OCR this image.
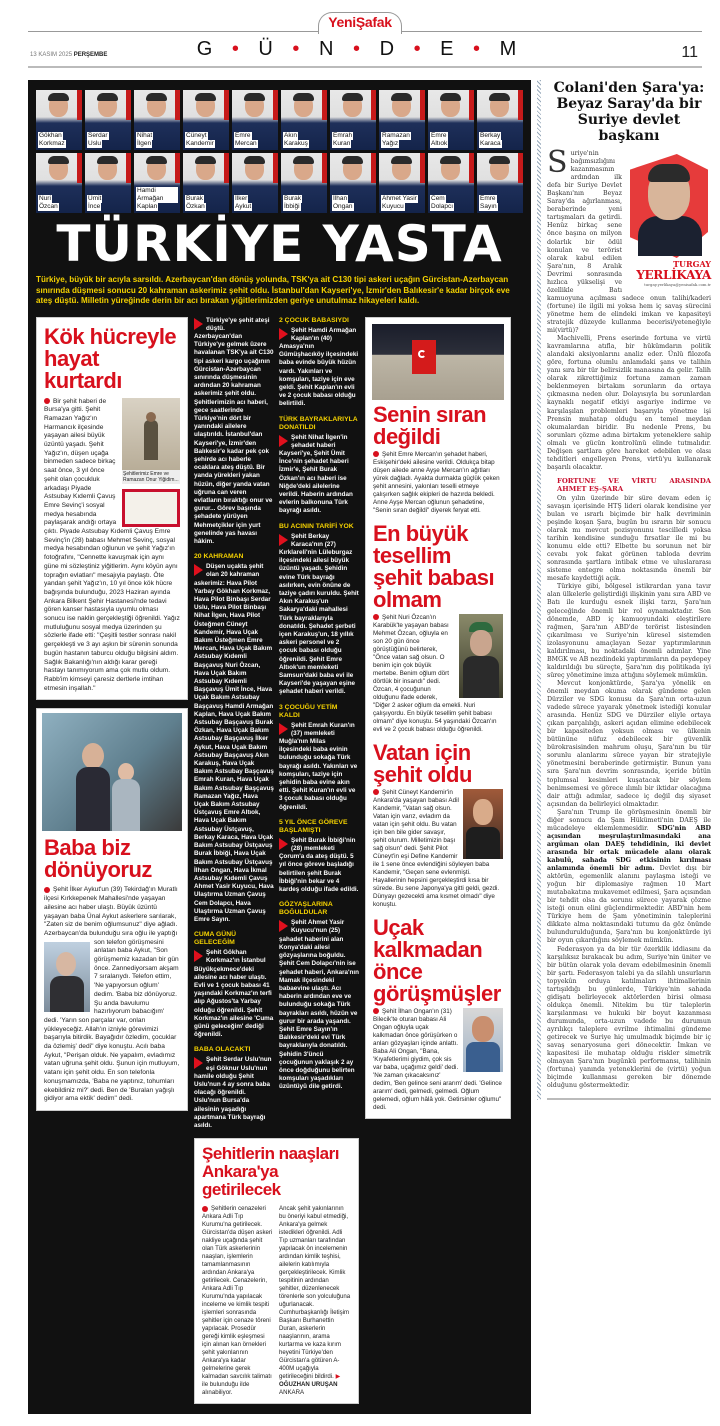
YeniŞafak
G • Ü • N • D • E • M
13 KASIM 2025 PERŞEMBE	11
Gökhan
Korkmaz
Serdar
Uslu
Nihat
İlgen
Cüneyt
Kandemir
Emre
Mercan
Akın
Karakuş
Emrah
Kuran
Ramazan
Yağız
Emre
Altıok
Berkay
Karaca
Nuri
Özcan
Ümit
İnce
Hamdi Armağan
Kaplan
Burak
Özkan
İlker
Aykut
Burak
İbbiği
İlhan
Ongan
Ahmet Yasir
Kuyucu
Cem
Dolapcı
Emre
Sayın
TÜRKİYE YASTA
Türkiye, büyük bir acıyla sarsıldı. Azerbaycan'dan dönüş yolunda, TSK'ya ait C130 tipi askeri uçağın Gürcistan-Azerbaycan sınırında düşmesi sonucu 20 kahraman askerimiz şehit oldu. İstanbul'dan Kayseri'ye, İzmir'den Balıkesir'e kadar birçok eve ateş düştü. Milletin yüreğinde derin bir acı bırakan yiğitlerimizden geriye unutulmaz hikayeleri kaldı.
Kök hücreyle hayat kurtardı
Şehitlerimiz Emre ve Ramazan Onur Yiğidim...
Bir şehit haberi de Bursa'ya gitti. Şehit Ramazan Yağız'ın Harmancık ilçesinde yaşayan ailesi büyük üzüntü yaşadı. Şehit Yağız'ın, düşen uçağa binmeden sadece birkaç saat önce, 3 yıl önce şehit olan çocukluk arkadaşı Piyade Astsubay Kıdemli Çavuş Emre Sevinç'i sosyal medya hesabında paylaşarak andığı ortaya çıktı. Piyade Astsubay Kıdemli Çavuş Emre Sevinç'in (28) babası Mehmet Sevinç, sosyal medya hesabından oğlunun ve şehit Yağız'ın fotoğrafını, "Cennette kavuşmak için aynı güne mi sözleştiniz yiğitlerim. Aynı köyün aynı toprağın evlatları" mesajıyla paylaştı. Öte yandan şehit Yağız'ın, 10 yıl önce kök hücre bağışında bulunduğu, 2023 Haziran ayında Ankara Bilkent Şehir Hastanesi'nde tedavi gören kanser hastasıyla uyumlu olması sonucu ise naklin gerçekleştiği öğrenildi. Yağız mutluluğunu sosyal medya üzerinden şu sözlerle ifade etti: "Çeşitli testler sonrası nakil gerçekleşti ve 3 ayı aşkın bir sürenin sonunda bugün hastanın taburcu olduğu bilgisini aldım. Sağlık Bakanlığı'nın aldığı karar gereği hastayı tanımıyorum ama çok mutlu oldum. Rabb'im kimseyi çaresiz dertlerle imtihan etmesin inşallah."
Baba biz dönüyoruz
Şehit İlker Aykut'un (39) Tekirdağ'ın Muratlı ilçesi Kırkkepenek Mahallesi'nde yaşayan ailesine acı haber ulaştı. Büyük üzüntü yaşayan baba Ünal Aykut askerlere sarılarak, "Zaten siz de benim oğlumsunuz" diye ağladı. Azerbaycan'da bulunduğu sıra oğlu ile yaptığı son telefon görüşmesini anlatan baba Aykut, "Son görüşmemiz kazadan bir gün önce. Zannediyorsam akşam 7 sıralarıydı. Telefon ettim, 'Ne yapıyorsun oğlum' dedim. 'Baba biz dönüyoruz. Şu anda bavulumu hazırlıyorum babacığım' dedi. 'Yarın son parçalar var, onları yükleyeceğiz. Allah'ın izniyle görevimizi başarıyla bitirdik. Bayağıdır özledim, çocuklar da özlemiş' dedi" diye konuştu. Acılı baba Aykut, "Perişan olduk. Ne yapalım, evladımız vatan uğruna şehit oldu. Şunun için mutluyum, vatanı için şehit oldu. En son telefonla konuşmamızda, 'Baba ne yaptınız, tohumları ekebildiniz mi?' dedi. Ben de 'Buraları yağışlı gidiyor ama ektik' dedim" dedi.
Türkiye'ye şehit ateşi düştü. Azerbaycan'dan Türkiye'ye gelmek üzere havalanan TSK'ya ait C130 tipi askeri kargo uçağının Gürcistan-Azerbaycan sınırında düşmesinin ardından 20 kahraman askerimiz şehit oldu. Şehitlerimizin acı haberi, gece saatlerinde Türkiye'nin dört bir yanındaki ailelere ulaştırıldı. İstanbul'dan Kayseri'ye, İzmir'den Balıkesir'e kadar pek çok şehirde acı haberle ocaklara ateş düştü. Bir yanda yürekleri yakan hüzün, diğer yanda vatan uğruna can veren evlatların bıraktığı onur ve gurur... Görev başında şehadete yürüyen Mehmetçikler için yurt genelinde yas havası hâkim.
20 KAHRAMAN
Düşen uçakta şehit olan 20 kahraman askerimiz: Hava Pilot Yarbay Gökhan Korkmaz, Hava Pilot Binbaşı Serdar Uslu, Hava Pilot Binbaşı Nihat İlgen, Hava Pilot Üsteğmen Cüneyt Kandemir, Hava Uçak Bakım Üsteğmen Emre Mercan, Hava Uçak Bakım Astsubay Kıdemli Başçavuş Nuri Özcan, Hava Uçak Bakım Astsubay Kıdemli Başçavuş Ümit İnce, Hava Uçak Bakım Astsubay Başçavuş Hamdi Armağan Kaplan, Hava Uçak Bakım Astsubay Başçavuş Burak Özkan, Hava Uçak Bakım Astsubay Başçavuş İlker Aykut, Hava Uçak Bakım Astsubay Başçavuş Akın Karakuş, Hava Uçak Bakım Astsubay Başçavuş Emrah Kuran, Hava Uçak Bakım Astsubay Başçavuş Ramazan Yağız, Hava Uçak Bakım Astsubay Üstçavuş Emre Altıok, Hava Uçak Bakım Astsubay Üstçavuş, Berkay Karaca, Hava Uçak Bakım Astsubay Üstçavuş Burak İbbiği, Hava Uçak Bakım Astsubay Üstçavuş İlhan Ongan, Hava İkmal Astsubay Kıdemli Çavuş Ahmet Yasir Kuyucu, Hava Ulaştırma Uzman Çavuş Cem Dolapcı, Hava Ulaştırma Uzman Çavuş Emre Sayın.
CUMA GÜNÜ GELECEĞİM
Şehit Gökhan Korkmaz'ın İstanbul Büyükçekmece'deki ailesine acı haber ulaştı. Evli ve 1 çocuk babası 41 yaşındaki Korkmaz'ın terfi alıp Ağustos'ta Yarbay olduğu öğrenildi. Şehit Korkmaz'ın ailesine 'Cuma günü geleceğim' dediği öğrenildi.
BABA OLACAKTI
Şehit Serdar Uslu'nun eşi Göknur Uslu'nun hamile olduğu Şehit Uslu'nun 4 ay sonra baba olacağı öğrenildi. Uslu'nun Bursa'da ailesinin yaşadığı apartmana Türk bayrağı asıldı.
2 ÇOCUK BABASIYDI
Şehit Hamdi Armağan Kaplan'ın (40) Amasya'nın Gümüşhacıköy ilçesindeki baba evinde büyük hüzün vardı. Yakınları ve komşuları, taziye için eve geldi. Şehit Kaplan'ın evli ve 2 çocuk babası olduğu belirtildi.
TÜRK BAYRAKLARIYLA DONATILDI
Şehit Nihat İlgen'in şehadet haberi Kayseri'ye, Şehit Ümit İnce'nin şehadet haberi İzmir'e, Şehit Burak Özkan'ın acı haberi ise Niğde'deki ailelerine verildi. Haberin ardından evlerin balkonuna Türk bayrağı asıldı.
BU ACININ TARİFİ YOK
Şehit Berkay Karaca'nın (27) Kırklareli'nin Lüleburgaz ilçesindeki ailesi büyük üzüntü yaşadı. Şehidin evine Türk bayrağı asılırken, evin önüne de taziye çadırı kuruldu. Şehit Akın Karakuş'un Sakarya'daki mahallesi Türk bayraklarıyla donatıldı. Şehadet şerbeti içen Karakuş'un, 18 yıllık askeri personel ve 2 çocuk babası olduğu öğrenildi. Şehit Emre Altıok'un memleketi Samsun'daki baba evi ile Kayseri'de yaşayan eşine şehadet haberi verildi.
3 ÇOCUĞU YETİM KALDI
Şehit Emrah Kuran'ın (37) memleketi Muğla'nın Milas ilçesindeki baba evinin bulunduğu sokağa Türk bayrağı asıldı. Yakınları ve komşuları, taziye için şehidin baba evine akın etti. Şehit Kuran'ın evli ve 3 çocuk babası olduğu öğrenildi.
5 YIL ÖNCE GÖREVE BAŞLAMIŞTI
Şehit Burak İbbiği'nin (28) memleketi Çorum'a da ateş düştü. 5 yıl önce göreve başladığı belirtilen şehit Burak İbbiği'nin bekar ve 4 kardeş olduğu ifade edildi.
GÖZYAŞLARINA BOĞULDULAR
Şehit Ahmet Yasir Kuyucu'nun (25) şahadet haberini alan Konya'daki ailesi gözyaşlarına boğuldu. Şehit Cem Dolapcı'nin ise şehadet haberi, Ankara'nın Mamak ilçesindeki babaevine ulaştı. Acı haberin ardından eve ve bulunduğu sokağa Türk bayrakları asıldı, hüzün ve gurur bir arada yaşandı. Şehit Emre Sayın'ın Balıkesir'deki evi Türk bayraklarıyla donatıldı. Şehidin 3'üncü çocuğunun yaklaşık 2 ay önce doğduğunu belirten komşuları yaşadıkları üzüntüyü dile getirdi.
Şehitlerin naaşları Ankara'ya getirilecek
Şehitlerin cenazeleri Ankara Adli Tıp Kurumu'na getirilecek. Gürcistan'da düşen askeri nakliye uçağında şehit olan Türk askerlerinin naaşları, işlemlerin tamamlanmasının ardından Ankara'ya getirilecek. Cenazelerin, Ankara Adli Tıp Kurumu'nda yapılacak inceleme ve kimlik tespiti işlemleri sonrasında şehitler için cenaze töreni yapılacak. Prosedür gereği kimlik eşleşmesi için alınan kan örnekleri şehit yakınlarının Ankara'ya kadar gelmelerine gerek kalmadan savcılık talimatı ile bulunduğu ilde alınabiliyor.
Ancak şehit yakınlarının bu öneriyi kabul etmediği, Ankara'ya gelmek istedikleri öğrenildi. Adli Tıp uzmanları tarafından yapılacak ön incelemenin ardından kimlik teşhisi, ailelerin katılımıyla gerçekleştirilecek. Kimlik tespitinin ardından şehitler, düzenlenecek törenlerle son yolculuğuna uğurlanacak. Cumhurbaşkanlığı İletişim Başkanı Burhanettin Duran, askerlerin naaşlarının, arama kurtarma ve kaza kırım heyetini Türkiye'den Gürcistan'a götüren A-400M uçağıyla getirileceğini bildirdi. ▶ OĞUZHAN URUŞAN ANKARA
Senin sıran değildi
Şehit Emre Mercan'ın şehadet haberi, Eskişehir'deki ailesine verildi. Oldukça bitap düşen ailede anne Ayşe Mercan'ın ağıtları yürek dağladı. Ayakta durmakta güçlük çeken şehit annesini, yakınları teselli etmeye çalışırken sağlık ekipleri de hazırda bekledi. Anne Ayşe Mercan oğlunun şehadetine, "Senin sıran değildi" diyerek feryat etti.
En büyük tesellim şehit babası olmam
Şehit Nuri Özcan'ın Karabük'te yaşayan babası Mehmet Özcan, oğluyla en son 20 gün önce görüştüğünü belirterek, "Önce vatan sağ olsun. O benim için çok büyük mertebe. Benim oğlum dört dörtlük bir insandı" dedi. Özcan, 4 çocuğunun olduğunu ifade ederek, "Diğer 2 asker oğlum da emekli. Nuri çalışıyordu. En büyük tesellim şehit babası olmam" diye konuştu. 54 yaşındaki Özcan'ın evli ve 2 çocuk babası olduğu öğrenildi.
Vatan için şehit oldu
Şehit Cüneyt Kandemir'in Ankara'da yaşayan babası Adil Kandemir, "Vatan sağ olsun. Vatan için varız, evladım da vatan için şehit oldu. Bu vatan için ben bile gider savaşır, şehit olurum. Milletimizin başı sağ olsun" dedi. Şehit Pilot Cüneyt'in eşi Define Kandemir ile 1 sene önce evlendiğini söyleyen baba Kandemir, "Geçen sene evlenmişti. Hayallerinin hepsini gerçekleştirdi kısa bir sürede. Bu sene Japonya'ya gitti geldi, gezdi. Dünyayı gezecekti ama kısmet olmadı" diye konuştu.
Uçak kalkmadan önce görüşmüşler
Şehit İlhan Ongan'ın (31) Bilecik'te oturan babası Ali Ongan oğluyla uçak kalkmadan önce görüşürken o anları gözyaşları içinde anlattı. Baba Ali Ongan, "Bana, 'Kıyafetlerimi giydim, çok sis var baba, uçağımız geldi' dedi. 'Ne zaman çıkacaksınız' dedim, 'Ben gelince seni ararım' dedi. 'Gelince ararım' dedi, gelmedi, gelmedi. Oğlum gelemedi, oğlum hâlâ yok. Getirsinler oğlumu" dedi.
Colani'den Şara'ya: Beyaz Saray'da bir Suriye devlet başkanı
TURGAY
YERLİKAYA
turgay.yerlikaya@yenisafak.com.tr
Suriye'nin bağımsızlığını kazanmasının ardından ilk defa bir Suriye Devlet Başkanı'nın Beyaz Saray'da ağırlanması, beraberinde yeni tartışmaları da getirdi. Henüz birkaç sene önce başına on milyon dolarlık bir ödül konulan ve terörist olarak kabul edilen Şara'nın, 8 Aralık Devrimi sonrasında hızlıca yükselişi ve özellikle Batı kamuoyuna açılması sadece onun talihi/kaderi (fortune) ile ilgili mi yoksa hem iç savaş sürecini yönetme hem de elindeki imkan ve kapasiteyi stratejik düzeyde kullanma becerisi/yeteneğiyle mi(virtü)?

Machivelli, Prens eserinde fortuna ve virtü kavramlarına atıfla, bir hükümdarın politik alandaki aksiyonlarını analiz eder. Ünlü filozofa göre, fortuna olumlu anlamdaki şans ve talihin yanı sıra bir tür belirsizlik manasına da gelir. Talih olarak zikrettiğimiz fortuna zaman zaman beklenmeyen birtakım sorunların da ortaya çıkmasına neden olur. Dolayısıyla bu sorunlardan kaynaklı negatif etkiyi asgariye indirme ve karşılaşılan problemleri başarıyla yönetme işi Prensin muhatap olduğu en temel meydan okumalardan biridir. Bu nedenle Prens, bu sorunları çözme adına birtakım yeteneklere sahip olmalı ve gücün kontrolünü elinde tutmalıdır. Değişen şartlara göre hareket edebilen ve olası tehditleri engelleyen Prens, virtü'yu kullanarak başarılı olacaktır.

FORTUNE VE VİRTU ARASINDA AHMET EŞ-ŞARA

On yılın üzerinde bir süre devam eden iç savaşın içerisinde HTŞ lideri olarak kendisine yer bulan ve ısrarlı biçimde bir halk devriminin peşinde koşan Şara, bugün bu ısrarın bir sonucu olarak mı mevcut pozisyonunu tescilledi yoksa tarihin kendisine sunduğu fırsatlar ile mi bu konumu elde etti? Elbette bu sorunun net bir cevabı yok fakat görünen tabloda devrim sonrasında şartlara intibak etme ve uluslararası sisteme entegre olma noktasında önemli bir mesafe kaydettiği açık.

Türkiye gibi, bölgesel istikrardan yana tavır alan ülkelerle geliştirdiği ilişkinin yanı sıra ABD ve Batı ile kurduğu esnek ilişki tarzı, Şara'nın geleceğinde önemli bir rol oynamaktadır. Son dönemde, ABD iç kamuoyundaki eleştirilere rağmen, Şara'nın ABD'de terörist listesinden çıkarılması ve Suriye'nin küresel sistemden izolasyonunu amaçlayan Sezar yaptırımlarının kaldırılması, bu noktadaki önemli adımlar. Yine BMGK ve AB nezdindeki yaptırımların da peydepey kaldırıldığı bu süreçte, Şara'nın dış politikada iyi süreç yönetimine imza attığını söylemek mümkün.

Mevcut konjonktürde, Şara'ya yönelik en önemli meydan okuma olarak gündeme gelen Dürziler ve SDG konusu da Şara'nın orta-uzun vadede sürece yayarak yönetmek istediği konular arasında. Henüz SDG ve Dürziler eliyle ortaya çıkan parçalılığı, askeri açıdan elimine edebilecek bir kapasiteden yoksun olması ve ülkenin bütününe nüfuz edebilecek bir güvenlik bürokrasisinden mahrum oluşu, Şara'nın bu tür sorunlu alanlarını sürece yayan bir stratejiyle yönetmesini beraberinde getirmiştir. Bunun yanı sıra Şara'nın devrim sonrasında, içeride bütün toplumsal kesimleri kuşatacak bir söylem benimsemesi ve görece ılımlı bir iktidar olacağına dair attığı adımlar, sadece iç değil dış siyaset açısından da belirleyici olmaktadır.

Şara'nın Trump ile görüşmesinin önemli bir diğer sonucu da Şam Hükümeti'nin DAEŞ ile mücadeleye eklemlenmesidir. SDG'nin ABD açısından meşrulaştırılmasındaki ana argüman olan DAEŞ tehdidinin, iki devlet arasında bir ortak mücadele alanı olarak kabulü, sahada SDG etkisinin kırılması anlamında önemli bir adım. Devlet dışı bir aktörün, egemenlik alanını paylaşma isteği ve yoğun bir diplomasiye rağmen 10 Mart mutabakatına mukavemet edilmesi, Şara açısından bir tehdit olsa da sorunu sürece yayarak çözme isteği onun elini güçlendirmektedir. ABD'nin hem Türkiye hem de Şam yönetiminin taleplerini dikkate alma noktasındaki tutumu da göz önünde bulundurulduğunda, Şara'nın bu konjonktürde iyi bir oyun çıkardığını söylemek mümkün.

Federasyon ya da bir tür özerklik iddiasını da karşılıksız bırakacak bu adım, Suriye'nin üniter ve bir bütün olarak yola devam edebilmesinin önemli bir şartı. Federasyon talebi ya da silahlı unsurların topyekûn orduya katılmaları ihtimallerinin tartışıldığı bu günlerde, Türkiye'nin sahada gidişatı belirleyecek aktörlerden birisi olması oldukça önemli. Nitekim bu tür taleplerin karşılanması ve hukuki bir boyut kazanması durumunda, orta-uzun vadede bu durumun ayrılıkçı taleplere evrilme ihtimalini gündeme getirecek ve Suriye hiç umulmadık biçimde bir iç savaş senaryosuna geri dönecektir. İmkan ve kapasitesi ile muhatap olduğu riskler simetrik olmayan Şara'nın bugünkü performansı, talihinin (fortuna) yanında yeteneklerini de (virtü) yoğun biçimde kullanması gereken bir dönemde olduğunu göstermektedir.
